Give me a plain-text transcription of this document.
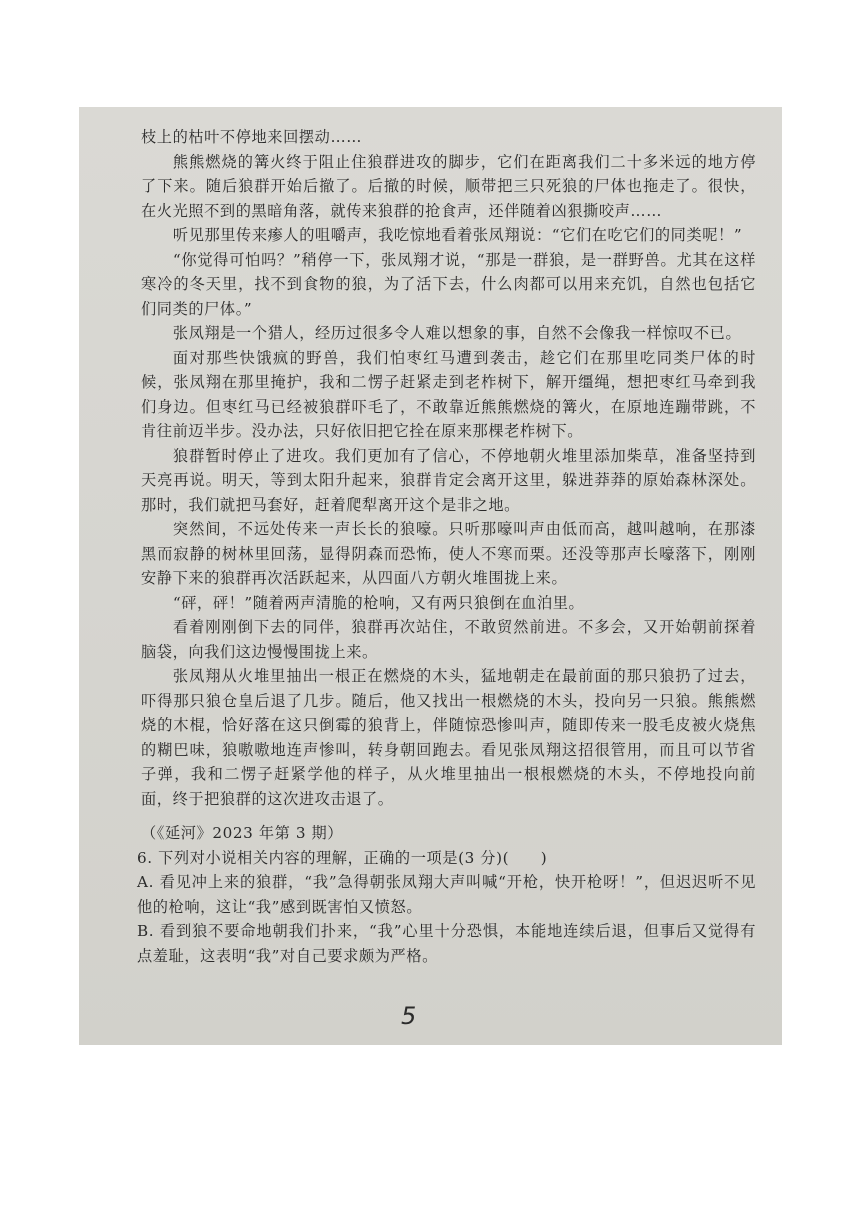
枝上的枯叶不停地来回摆动……

熊熊燃烧的篝火终于阻止住狼群进攻的脚步，它们在距离我们二十多米远的地方停了下来。随后狼群开始后撤了。后撤的时候，顺带把三只死狼的尸体也拖走了。很快，在火光照不到的黑暗角落，就传来狼群的抢食声，还伴随着凶狠撕咬声……

听见那里传来瘆人的咀嚼声，我吃惊地看着张凤翔说：“它们在吃它们的同类呢！”

“你觉得可怕吗？”稍停一下，张凤翔才说，“那是一群狼，是一群野兽。尤其在这样寒冷的冬天里，找不到食物的狼，为了活下去，什么肉都可以用来充饥，自然也包括它们同类的尸体。”

张凤翔是一个猎人，经历过很多令人难以想象的事，自然不会像我一样惊叹不已。

面对那些快饿疯的野兽，我们怕枣红马遭到袭击，趁它们在那里吃同类尸体的时候，张凤翔在那里掩护，我和二愣子赶紧走到老柞树下，解开缰绳，想把枣红马牵到我们身边。但枣红马已经被狼群吓毛了，不敢靠近熊熊燃烧的篝火，在原地连蹦带跳，不肯往前迈半步。没办法，只好依旧把它拴在原来那棵老柞树下。

狼群暂时停止了进攻。我们更加有了信心，不停地朝火堆里添加柴草，准备坚持到天亮再说。明天，等到太阳升起来，狼群肯定会离开这里，躲进莽莽的原始森林深处。那时，我们就把马套好，赶着爬犁离开这个是非之地。

突然间，不远处传来一声长长的狼嚎。只听那嚎叫声由低而高，越叫越响，在那漆黑而寂静的树林里回荡，显得阴森而恐怖，使人不寒而栗。还没等那声长嚎落下，刚刚安静下来的狼群再次活跃起来，从四面八方朝火堆围拢上来。

“砰，砰！”随着两声清脆的枪响，又有两只狼倒在血泊里。

看着刚刚倒下去的同伴，狼群再次站住，不敢贸然前进。不多会，又开始朝前探着脑袋，向我们这边慢慢围拢上来。

张凤翔从火堆里抽出一根正在燃烧的木头，猛地朝走在最前面的那只狼扔了过去，吓得那只狼仓皇后退了几步。随后，他又找出一根燃烧的木头，投向另一只狼。熊熊燃烧的木棍，恰好落在这只倒霉的狼背上，伴随惊恐惨叫声，随即传来一股毛皮被火烧焦的糊巴味，狼嗷嗷地连声惨叫，转身朝回跑去。看见张凤翔这招很管用，而且可以节省子弹，我和二愣子赶紧学他的样子，从火堆里抽出一根根燃烧的木头，不停地投向前面，终于把狼群的这次进攻击退了。

（《延河》2023 年第 3 期）

6. 下列对小说相关内容的理解，正确的一项是(3 分)(　　)

A. 看见冲上来的狼群，“我”急得朝张凤翔大声叫喊“开枪，快开枪呀！”，但迟迟听不见他的枪响，这让“我”感到既害怕又愤怒。

B. 看到狼不要命地朝我们扑来，“我”心里十分恐惧，本能地连续后退，但事后又觉得有点羞耻，这表明“我”对自己要求颇为严格。

5
